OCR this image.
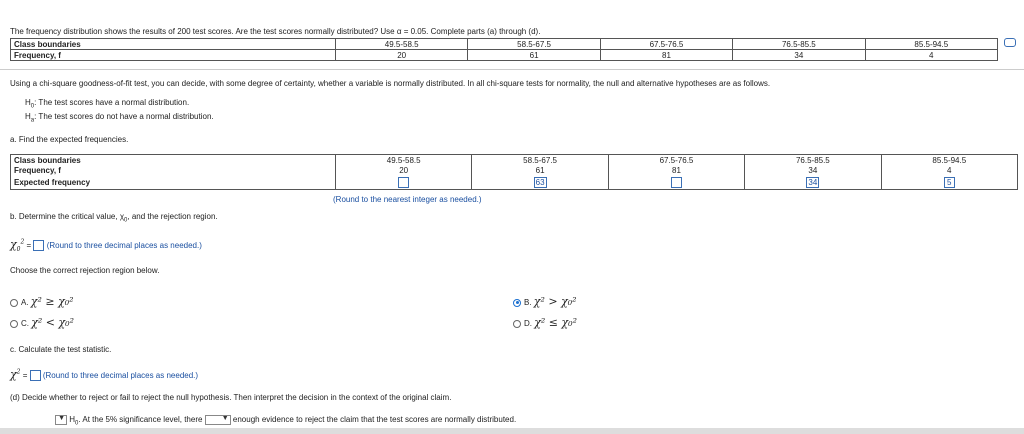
The frequency distribution shows the results of 200 test scores. Are the test scores normally distributed? Use α = 0.05. Complete parts (a) through (d).
Class boundaries	49.5-58.5	58.5-67.5	67.5-76.5	76.5-85.5	85.5-94.5
Frequency, f	20	61	81	34	4
Using a chi-square goodness-of-fit test, you can decide, with some degree of certainty, whether a variable is normally distributed. In all chi-square tests for normality, the null and alternative hypotheses are as follows.
$H_0$: The test scores have a normal distribution.
$H_a$: The test scores do not have a normal distribution.
a. Find the expected frequencies.
Class boundaries	49.5-58.5	58.5-67.5	67.5-76.5	76.5-85.5	85.5-94.5
Frequency, f	20	61	81	34	4
Expected frequency		63		34	5
(Round to the nearest integer as needed.)
b. Determine the critical value, $\chi_0$, and the rejection region.
$\chi_0^2$ =  (Round to three decimal places as needed.)
Choose the correct rejection region below.
A. χ² ≥ χ₀²	B. χ² > χ₀²
C. χ² < χ₀²	D. χ² ≤ χ₀²
c. Calculate the test statistic.
$\chi^2$ =  (Round to three decimal places as needed.)
(d) Decide whether to reject or fail to reject the null hypothesis. Then interpret the decision in the context of the original claim.
▼ $H_0$. At the 5% significance level, there ▼	enough evidence to reject the claim that the test scores are normally distributed.
